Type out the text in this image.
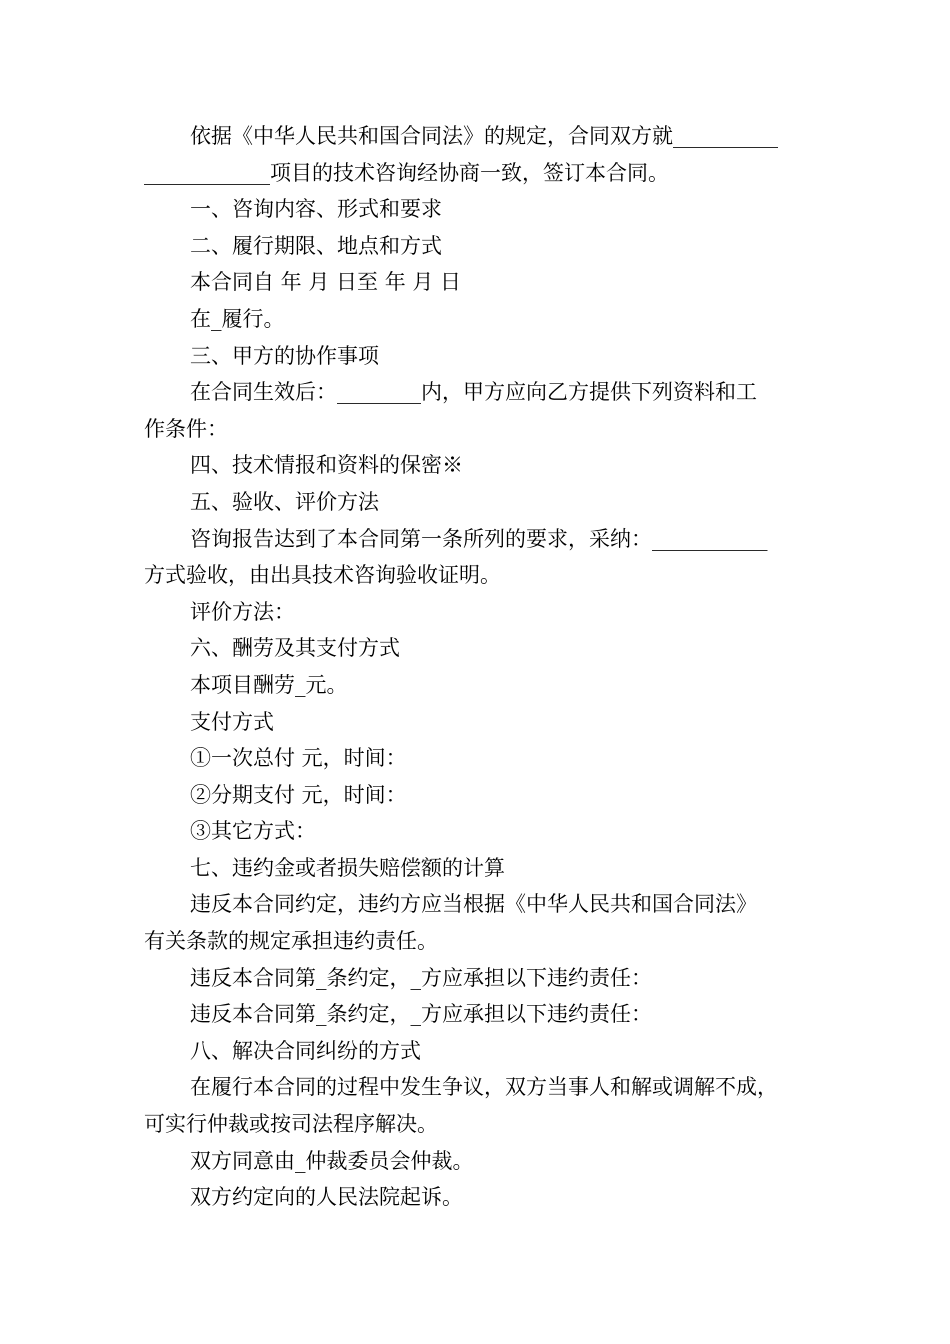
依据《中华人民共和国合同法》的规定，合同双方就__________

____________项目的技术咨询经协商一致，签订本合同。

一、咨询内容、形式和要求

二、履行期限、地点和方式

本合同自 年 月 日至 年 月 日

在_履行。

三、甲方的协作事项

在合同生效后：________内，甲方应向乙方提供下列资料和工

作条件：

四、技术情报和资料的保密※

五、验收、评价方法

咨询报告达到了本合同第一条所列的要求，采纳：___________

方式验收，由出具技术咨询验收证明。

评价方法：

六、酬劳及其支付方式

本项目酬劳_元。

支付方式

①一次总付 元，时间：

②分期支付 元，时间：

③其它方式：

七、违约金或者损失赔偿额的计算

违反本合同约定，违约方应当根据《中华人民共和国合同法》

有关条款的规定承担违约责任。

违反本合同第_条约定，_方应承担以下违约责任：

违反本合同第_条约定，_方应承担以下违约责任：

八、解决合同纠纷的方式

在履行本合同的过程中发生争议，双方当事人和解或调解不成，

可实行仲裁或按司法程序解决。

双方同意由_仲裁委员会仲裁。

双方约定向的人民法院起诉。
